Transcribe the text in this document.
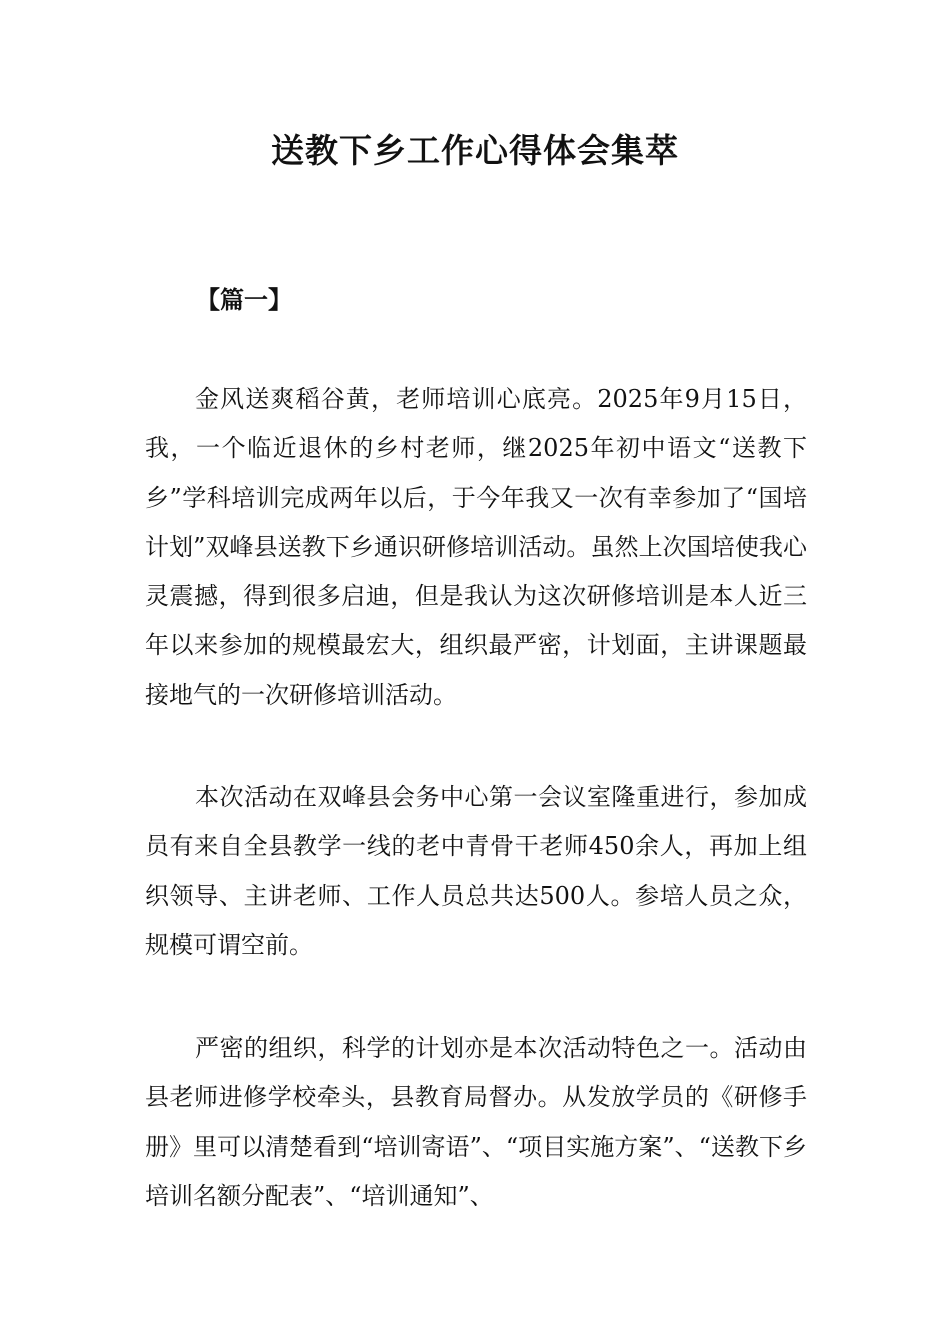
送教下乡工作心得体会集萃

【篇一】

金风送爽稻谷黄，老师培训心底亮。2025年9月15日，我，一个临近退休的乡村老师，继2025年初中语文“送教下乡”学科培训完成两年以后，于今年我又一次有幸参加了“国培计划”双峰县送教下乡通识研修培训活动。虽然上次国培使我心灵震撼，得到很多启迪，但是我认为这次研修培训是本人近三年以来参加的规模最宏大，组织最严密，计划面，主讲课题最接地气的一次研修培训活动。

本次活动在双峰县会务中心第一会议室隆重进行，参加成员有来自全县教学一线的老中青骨干老师450余人，再加上组织领导、主讲老师、工作人员总共达500人。参培人员之众，规模可谓空前。

严密的组织，科学的计划亦是本次活动特色之一。活动由县老师进修学校牵头，县教育局督办。从发放学员的《研修手册》里可以清楚看到“培训寄语”、“项目实施方案”、“送教下乡培训名额分配表”、“培训通知”、
